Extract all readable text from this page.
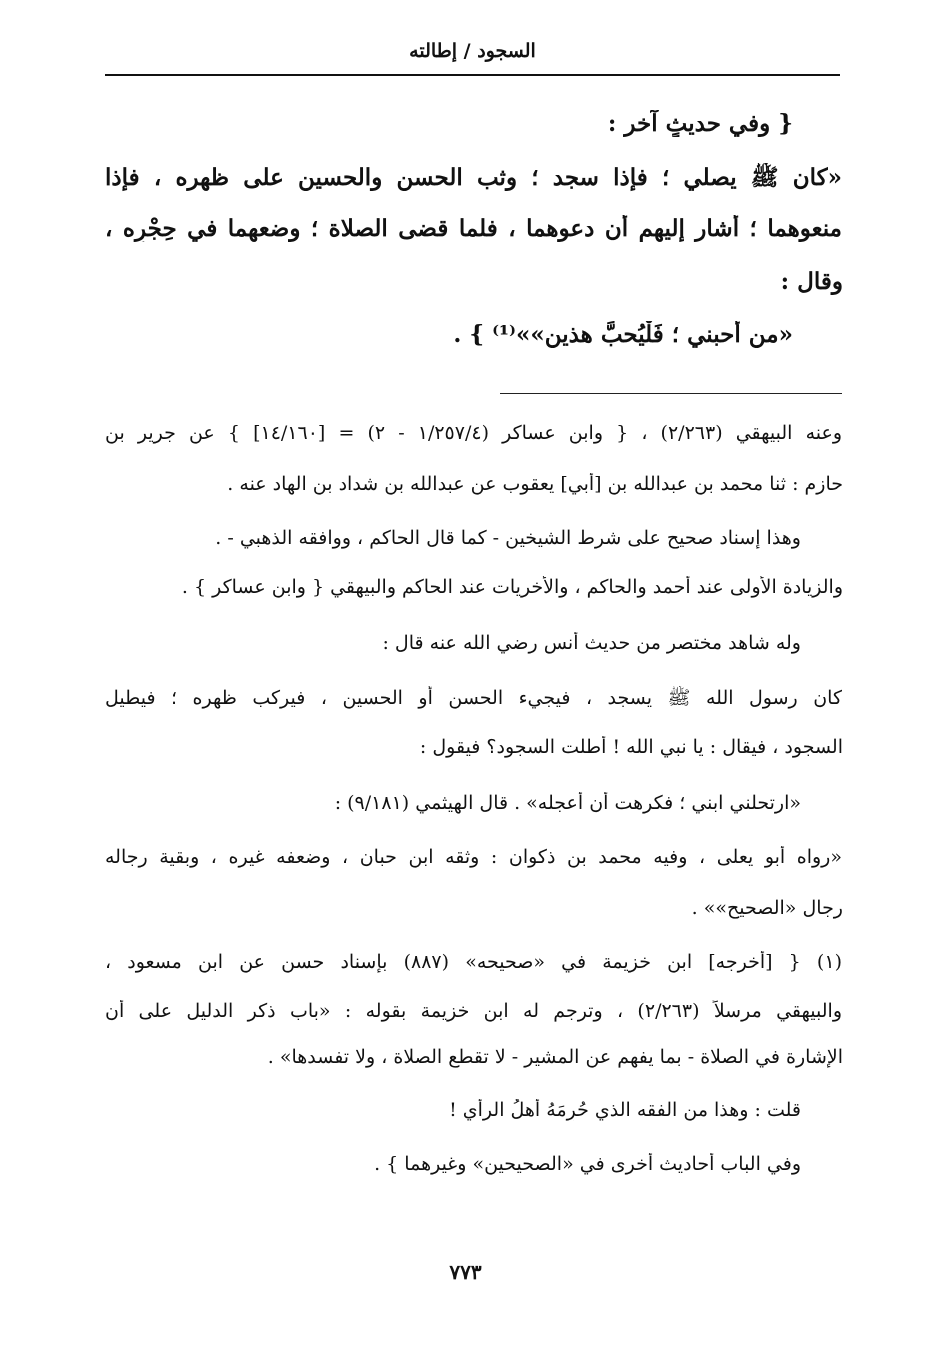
السجود / إطالته
{ وفي حديثٍ آخر :
«كان ﷺ يصلي ؛ فإذا سجد ؛ وثب الحسن والحسين على ظهره ، فإذا
منعوهما ؛ أشار إليهم أن دعوهما ، فلما قضى الصلاة ؛ وضعهما في حِجْرِه ،
وقال :
«من أحبني ؛ فَلْيُحبَّ هذين»»⁽¹⁾ } .
وعنه البيهقي (٢/٢٦٣) ، { وابن عساكر (١/٢٥٧/٤ - ٢) = [١٤/١٦٠] } عن جرير بن
حازم : ثنا محمد بن عبدالله بن [أبي] يعقوب عن عبدالله بن شداد بن الهاد عنه .
وهذا إسناد صحيح على شرط الشيخين - كما قال الحاكم ، ووافقه الذهبي - .
والزيادة الأولى عند أحمد والحاكم ، والأخريات عند الحاكم والبيهقي { وابن عساكر } .
وله شاهد مختصر من حديث أنس رضي الله عنه قال :
كان رسول الله ﷺ يسجد ، فيجيء الحسن أو الحسين ، فيركب ظهره ؛ فيطيل
السجود ، فيقال : يا نبي الله ! أطلت السجود؟ فيقول :
«ارتحلني ابني ؛ فكرهت أن أعجله» . قال الهيثمي (٩/١٨١) :
«رواه أبو يعلى ، وفيه محمد بن ذكوان : وثقه ابن حبان ، وضعفه غيره ، وبقية رجاله
رجال «الصحيح»» .
(١) { [أخرجه] ابن خزيمة في «صحيحه» (٨٨٧) بإسناد حسن عن ابن مسعود ،
والبيهقي مرسلاً (٢/٢٦٣) ، وترجم له ابن خزيمة بقوله : «باب ذكر الدليل على أن
الإشارة في الصلاة - بما يفهم عن المشير - لا تقطع الصلاة ، ولا تفسدها» .
قلت : وهذا من الفقه الذي حُرِمَهُ أهلُ الرأي !
وفي الباب أحاديث أخرى في «الصحيحين» وغيرهما } .
٧٧٣
